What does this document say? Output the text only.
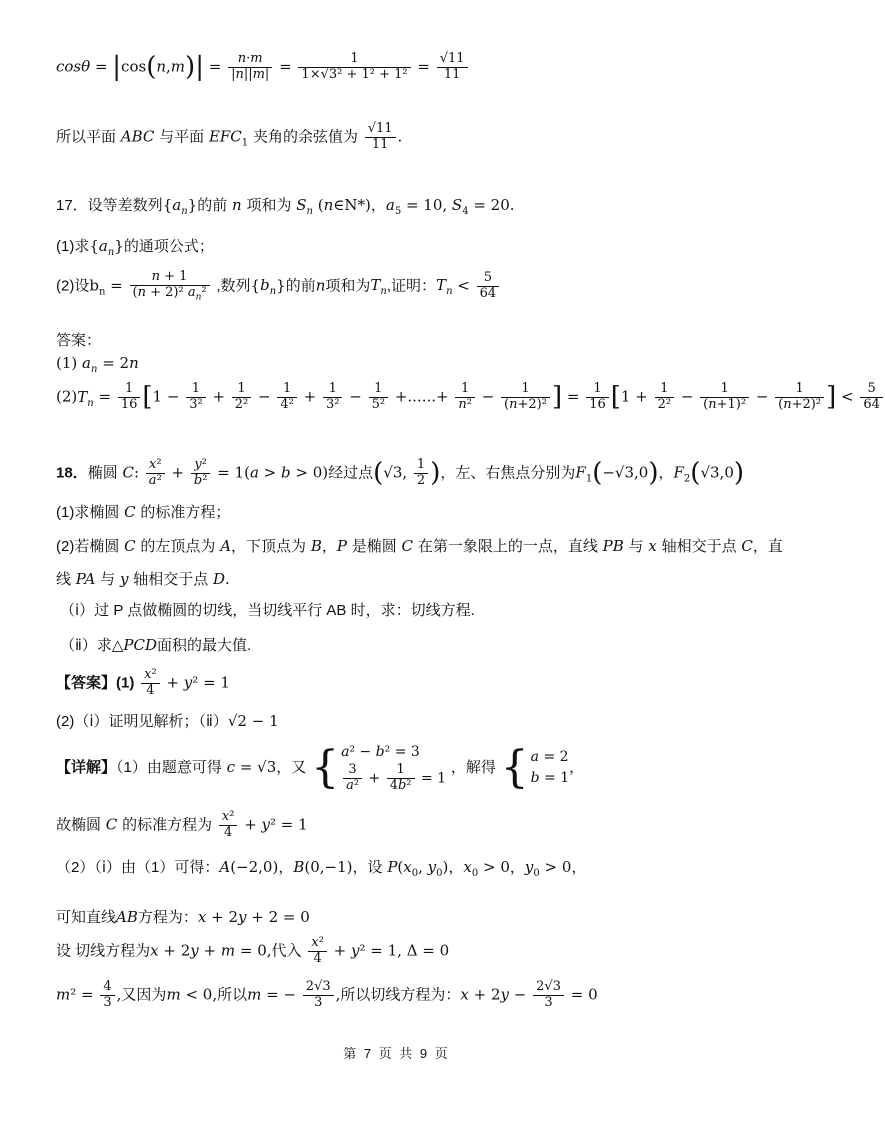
$\cos\theta = |\cos(n,m)| = \frac{n\cdot m}{|n||m|} = \frac{1}{\text{1×√3² + 1² + 1²}} = \frac{√11}{11}$
所以平面 ABC 与平面 $EFC_1$ 夹角的余弦值为 $\frac{√11}{11}$ .
17．设等差数列$\{a_n\}$的前 n 项和为 $S_n$ (n∈N*)，$a_5 = 10$, $S_4 = 20$.
(1)求$\{a_n\}$的通项公式；
(2)设$b_n = \frac{n + 1}{(n + 2)^2 a_n^2}$ ,数列$\{b_n\}$的前n项和为$T_n$,证明：$T_n < \frac{5}{64}$
答案：
(1) $a_n = 2n$
$(2)T_n = \frac{1}{16} [1 - \frac{1}{\text{3²}} + \frac{1}{\text{2²}} - \frac{1}{\text{4²}} + \frac{1}{\text{3²}} - \frac{1}{\text{5²}}$ +......+ $\frac{1}{\text{n²}} - \frac{1}{\text{(n+2)²}}$ ] = $\frac{1}{16} [1 + \frac{1}{\text{2²}} - \frac{1}{\text{(n+1)²}} - \frac{1}{\text{(n+2)²}}$ ] < $\frac{5}{64}$
18．椭圆 C: $\frac{\text{x²}}{\text{a²}} + \frac{\text{y²}}{\text{b²}} = 1(a > b > 0)$经过点(√3, $\frac{1}{2}$ )，左、右焦点分别为$F_1(-√3,0)$，$F_2(√3,0)$
(1)求椭圆 C 的标准方程；
(2)若椭圆 C 的左顶点为 A，下顶点为 B，P 是椭圆 C 在第一象限上的一点，直线 PB 与 x 轴相交于点 C，直
线 PA 与 y 轴相交于点 D.
（ⅰ）过 P 点做椭圆的切线，当切线平行 AB 时，求：切线方程.
（ⅱ）求△PCD面积的最大值.
【答案】$(1) \frac{\text{x²}}{4} + y^2 = 1$
(2)（ⅰ）证明见解析；（ⅱ）√2 − 1
【详解】（1）由题意可得 c = √3，又 { a² − b² = 3
$\frac{3}{\text{a²}} + \frac{1}{\text{4b²}} = 1$
，解得 { a = 2
b = 1
，
故椭圆 C 的标准方程为 $\frac{\text{x²}}{4} + y^2 = 1$
（2）（ⅰ）由（1）可得：A(−2,0)，B(0,−1)，设 $P(x_0$, $y_0$)，$x_0 > 0$，$y_0 > 0$，
可知直线AB方程为：x + 2y + 2 = 0
设 切线方程为x + 2y + m = 0,代入 $\frac{\text{x²}}{4} + y^2 = 1$, Δ = 0
$m^2 = \frac{4}{3}$ ,又因为m < 0,所以m = − $\frac{2√3}{3}$ ,所以切线方程为：$x + 2y - \frac{2√3}{3} = 0$
第 7 页 共 9 页
